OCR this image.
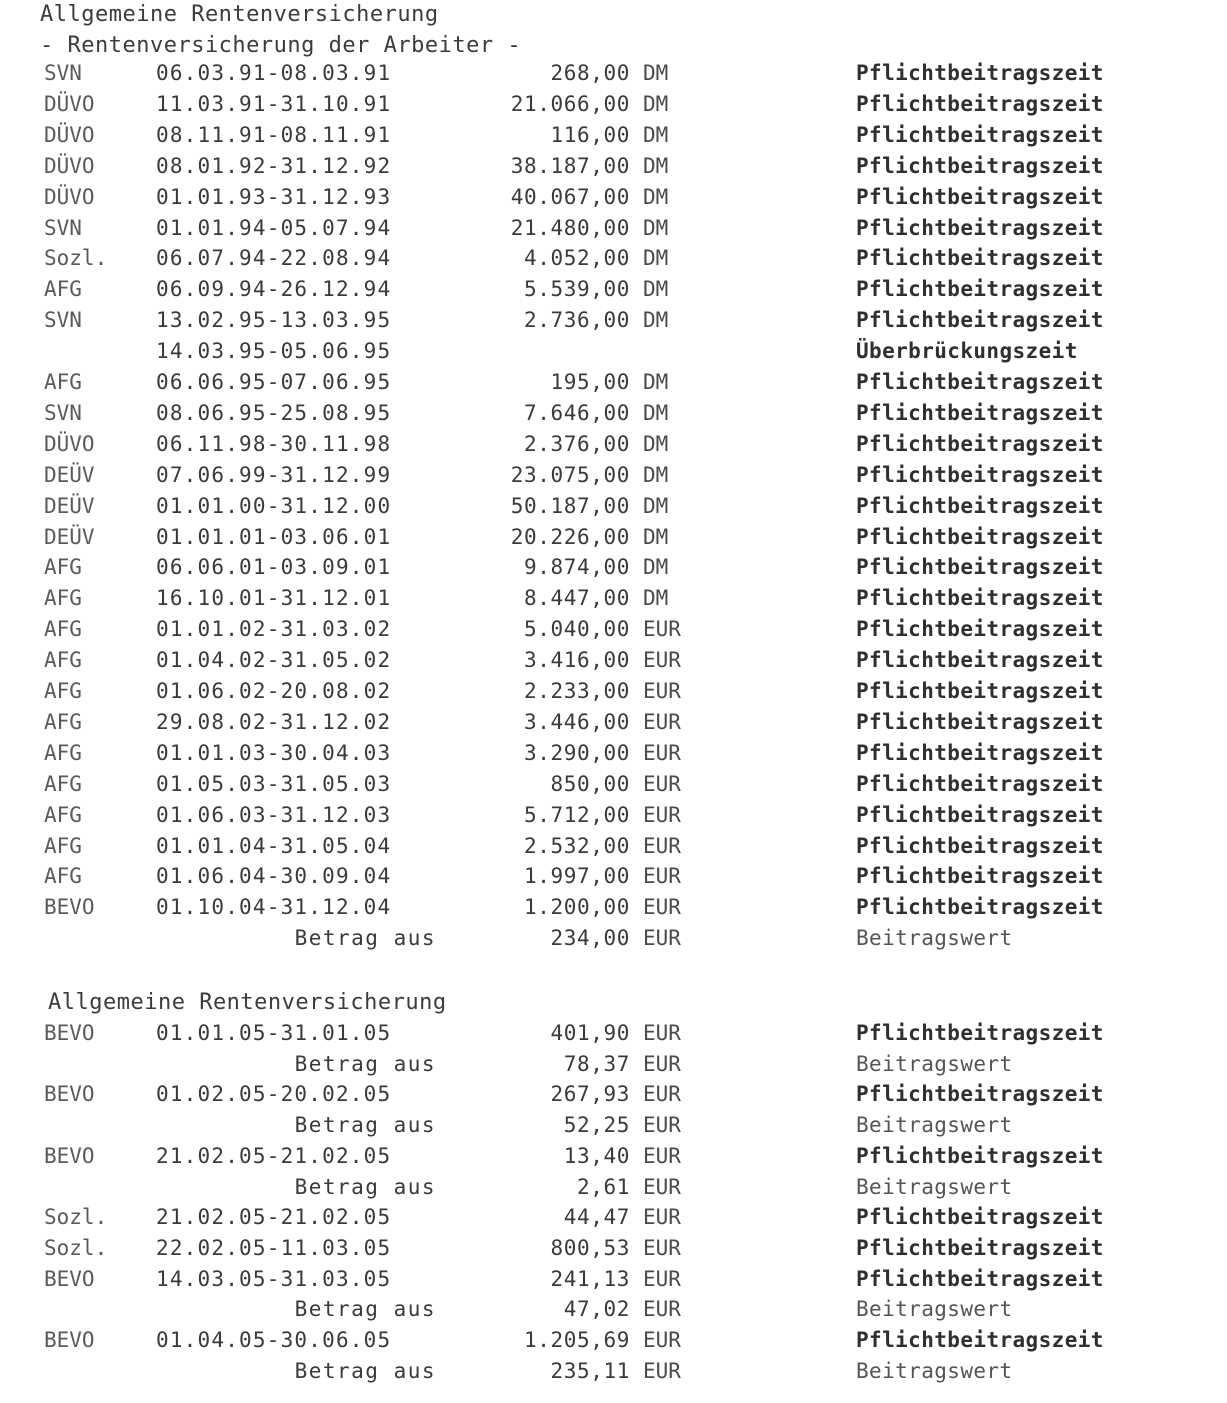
Allgemeine Rentenversicherung
- Rentenversicherung der Arbeiter -
SVN	06.03.91-08.03.91	268,00 DM	Pflichtbeitragszeit
DÜVO	11.03.91-31.10.91	21.066,00 DM	Pflichtbeitragszeit
DÜVO	08.11.91-08.11.91	116,00 DM	Pflichtbeitragszeit
DÜVO	08.01.92-31.12.92	38.187,00 DM	Pflichtbeitragszeit
DÜVO	01.01.93-31.12.93	40.067,00 DM	Pflichtbeitragszeit
SVN	01.01.94-05.07.94	21.480,00 DM	Pflichtbeitragszeit
Sozl.	06.07.94-22.08.94	4.052,00 DM	Pflichtbeitragszeit
AFG	06.09.94-26.12.94	5.539,00 DM	Pflichtbeitragszeit
SVN	13.02.95-13.03.95	2.736,00 DM	Pflichtbeitragszeit
14.03.95-05.06.95	Überbrückungszeit
AFG	06.06.95-07.06.95	195,00 DM	Pflichtbeitragszeit
SVN	08.06.95-25.08.95	7.646,00 DM	Pflichtbeitragszeit
DÜVO	06.11.98-30.11.98	2.376,00 DM	Pflichtbeitragszeit
DEÜV	07.06.99-31.12.99	23.075,00 DM	Pflichtbeitragszeit
DEÜV	01.01.00-31.12.00	50.187,00 DM	Pflichtbeitragszeit
DEÜV	01.01.01-03.06.01	20.226,00 DM	Pflichtbeitragszeit
AFG	06.06.01-03.09.01	9.874,00 DM	Pflichtbeitragszeit
AFG	16.10.01-31.12.01	8.447,00 DM	Pflichtbeitragszeit
AFG	01.01.02-31.03.02	5.040,00 EUR	Pflichtbeitragszeit
AFG	01.04.02-31.05.02	3.416,00 EUR	Pflichtbeitragszeit
AFG	01.06.02-20.08.02	2.233,00 EUR	Pflichtbeitragszeit
AFG	29.08.02-31.12.02	3.446,00 EUR	Pflichtbeitragszeit
AFG	01.01.03-30.04.03	3.290,00 EUR	Pflichtbeitragszeit
AFG	01.05.03-31.05.03	850,00 EUR	Pflichtbeitragszeit
AFG	01.06.03-31.12.03	5.712,00 EUR	Pflichtbeitragszeit
AFG	01.01.04-31.05.04	2.532,00 EUR	Pflichtbeitragszeit
AFG	01.06.04-30.09.04	1.997,00 EUR	Pflichtbeitragszeit
BEVO	01.10.04-31.12.04	1.200,00 EUR	Pflichtbeitragszeit
Betrag aus	234,00 EUR	Beitragswert
Allgemeine Rentenversicherung
BEVO	01.01.05-31.01.05	401,90 EUR	Pflichtbeitragszeit
Betrag aus	78,37 EUR	Beitragswert
BEVO	01.02.05-20.02.05	267,93 EUR	Pflichtbeitragszeit
Betrag aus	52,25 EUR	Beitragswert
BEVO	21.02.05-21.02.05	13,40 EUR	Pflichtbeitragszeit
Betrag aus	2,61 EUR	Beitragswert
Sozl.	21.02.05-21.02.05	44,47 EUR	Pflichtbeitragszeit
Sozl.	22.02.05-11.03.05	800,53 EUR	Pflichtbeitragszeit
BEVO	14.03.05-31.03.05	241,13 EUR	Pflichtbeitragszeit
Betrag aus	47,02 EUR	Beitragswert
BEVO	01.04.05-30.06.05	1.205,69 EUR	Pflichtbeitragszeit
Betrag aus	235,11 EUR	Beitragswert
